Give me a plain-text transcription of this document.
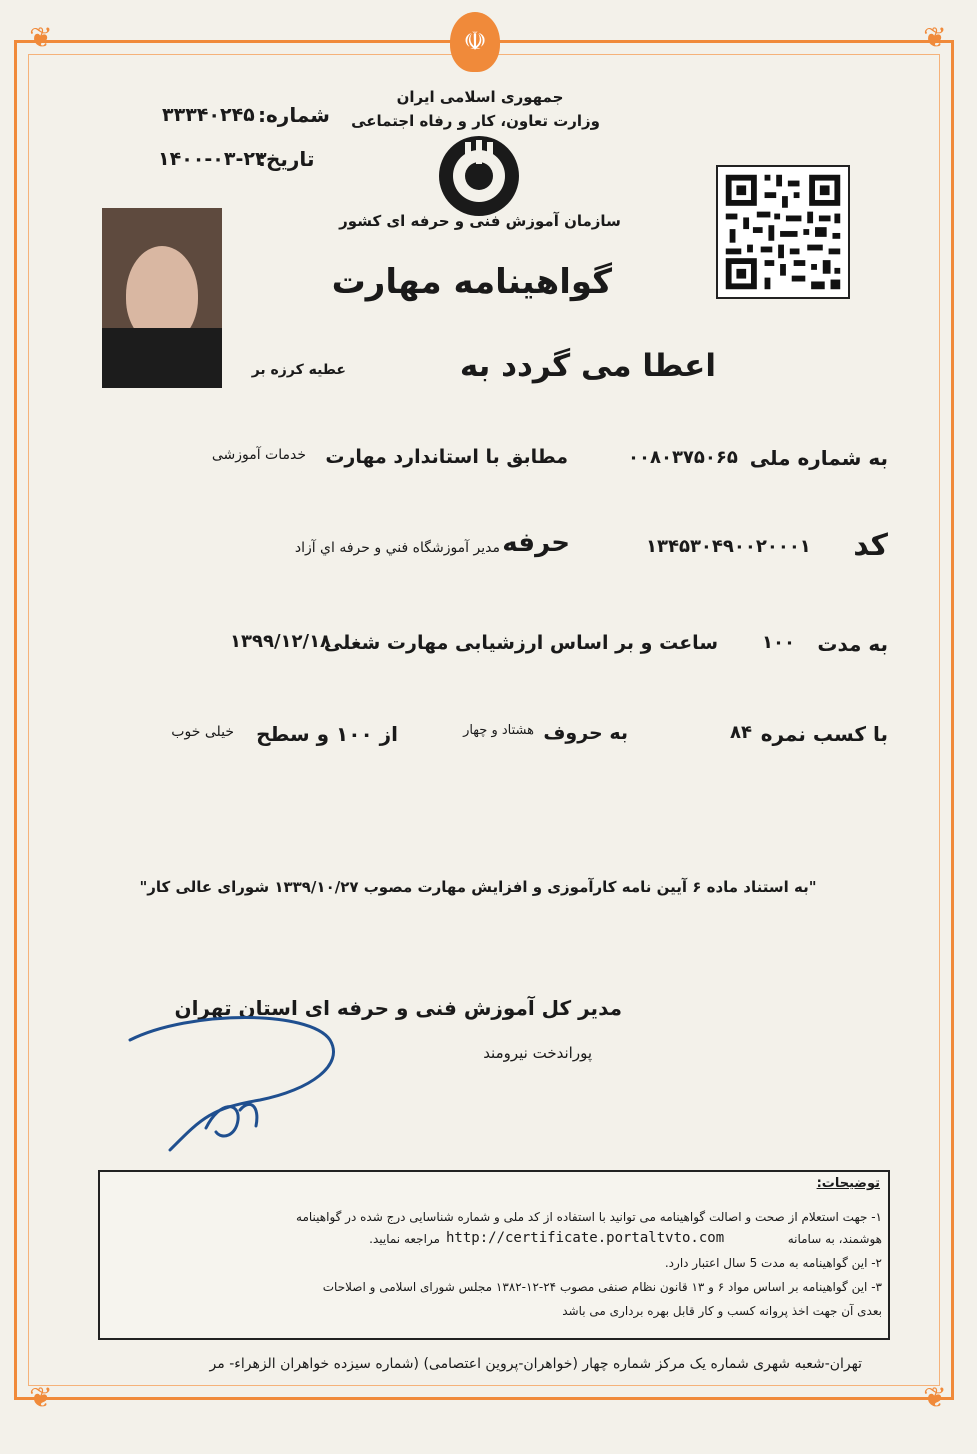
❦	❦
❦	❦
☫
جمهوری اسلامی ایران
وزارت تعاون، کار و رفاه اجتماعی
شماره:
۳۳۳۴۰۲۴۵
تاریخ:
۱۴۰۰-۰۳-۲۳
سازمان آموزش فنی و حرفه ای کشور
گواهینامه مهارت
اعطا می گردد به
عطیه کرزه بر
به شماره ملی
۰۰۸۰۳۷۵۰۶۵
مطابق با استاندارد مهارت
خدمات آموزشی
کد
۱۳۴۵۳۰۴۹۰۰۲۰۰۰۱
حرفه
مدیر آموزشگاه فني و حرفه اي آزاد
به مدت
۱۰۰
ساعت و بر اساس ارزشیابی مهارت شغلی
۱۳۹۹/۱۲/۱۸
با کسب نمره
۸۴
به حروف
هشتاد و چهار
از ۱۰۰ و سطح
خیلی خوب
"به استناد ماده ۶ آیین نامه کارآموزی و افزایش مهارت مصوب ۱۳۳۹/۱۰/۲۷ شورای عالی کار"
مدیر کل آموزش فنی و حرفه ای استان تهران
پوراندخت نیرومند
توضیحات:
۱- جهت استعلام از صحت و اصالت گواهینامه می توانید با استفاده از کد ملی و شماره شناسایی درج شده در گواهینامه
هوشمند، به سامانه
http://certificate.portaltvto.com
مراجعه نمایید.
۲- این گواهینامه به مدت 5 سال اعتبار دارد.
۳- این گواهینامه بر اساس مواد ۶ و ۱۳ قانون نظام صنفی مصوب ۲۴-۱۲-۱۳۸۲ مجلس شورای اسلامی و اصلاحات
بعدی آن جهت اخذ پروانه کسب و کار قابل بهره برداری می باشد
تهران-شعبه شهری شماره یک مرکز شماره چهار (خواهران-پروین اعتصامی) (شماره سیزده خواهران الزهراء- مر
